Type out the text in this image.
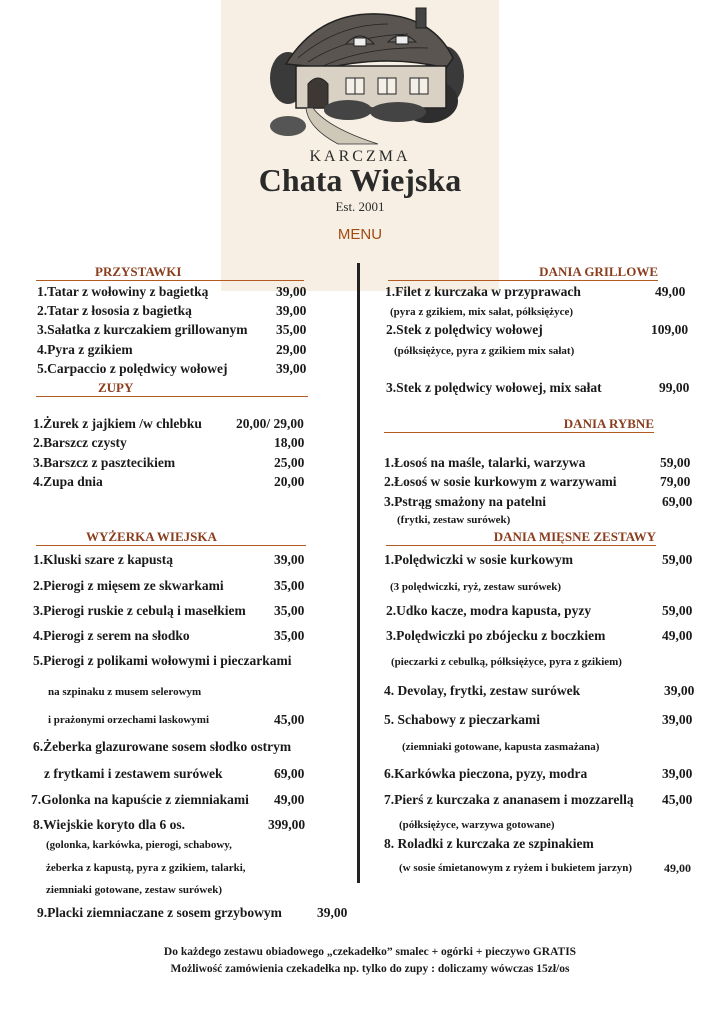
KARCZMA
Chata Wiejska
Est. 2001
MENU
PRZYSTAWKI
ZUPY
WYŻERKA WIEJSKA
DANIA GRILLOWE
DANIA RYBNE
DANIA MIĘSNE ZESTAWY
1.Tatar z wołowiny z bagietką	39,00
2.Tatar z łososia z bagietką	39,00
3.Sałatka z kurczakiem grillowanym 35,00
4.Pyra z gzikiem	29,00
5.Carpaccio z polędwicy wołowej	39,00
1.Żurek z jajkiem /w chlebku	20,00/ 29,00
2.Barszcz czysty	18,00
3.Barszcz z pasztecikiem	25,00
4.Zupa dnia	20,00
1.Kluski szare z kapustą	39,00
2.Pierogi z mięsem ze skwarkami	35,00
3.Pierogi ruskie z cebulą i masełkiem 35,00
4.Pierogi z serem na słodko	35,00
5.Pierogi z polikami wołowymi i pieczarkami
na szpinaku z musem selerowym
i prażonymi orzechami laskowymi	45,00
6.Żeberka glazurowane sosem słodko ostrym
z frytkami i zestawem surówek	69,00
7.Golonka na kapuście z ziemniakami 49,00
8.Wiejskie koryto dla 6 os.	399,00
(golonka, karkówka, pierogi, schabowy,
żeberka z kapustą, pyra z gzikiem, talarki,
ziemniaki gotowane, zestaw surówek)
9.Placki ziemniaczane z sosem grzybowym	39,00
1.Filet z kurczaka w przyprawach	49,00
(pyra z gzikiem, mix sałat, półksiężyce)
2.Stek z polędwicy wołowej	109,00
(półksiężyce, pyra z gzikiem mix sałat)
3.Stek z polędwicy wołowej, mix sałat	99,00
1.Łosoś na maśle, talarki, warzywa	59,00
2.Łosoś w sosie kurkowym z warzywami	79,00
3.Pstrąg smażony na patelni	69,00
(frytki, zestaw surówek)
1.Polędwiczki w sosie kurkowym	59,00
(3 polędwiczki, ryż, zestaw surówek)
2.Udko kacze, modra kapusta, pyzy	59,00
3.Polędwiczki po zbójecku z boczkiem	49,00
(pieczarki z cebulką, półksiężyce, pyra z gzikiem)
4. Devolay, frytki, zestaw surówek	39,00
5. Schabowy z pieczarkami	39,00
(ziemniaki gotowane, kapusta zasmażana)
6.Karkówka pieczona, pyzy, modra	39,00
7.Pierś z kurczaka z ananasem i mozzarellą 45,00
(półksiężyce, warzywa gotowane)
8. Roladki z kurczaka ze szpinakiem
(w sosie śmietanowym z ryżem i bukietem jarzyn)	49,00
Do każdego zestawu obiadowego „czekadełko” smalec + ogórki + pieczywo GRATIS
Możliwość zamówienia czekadełka np. tylko do zupy : doliczamy wówczas 15zł/os
